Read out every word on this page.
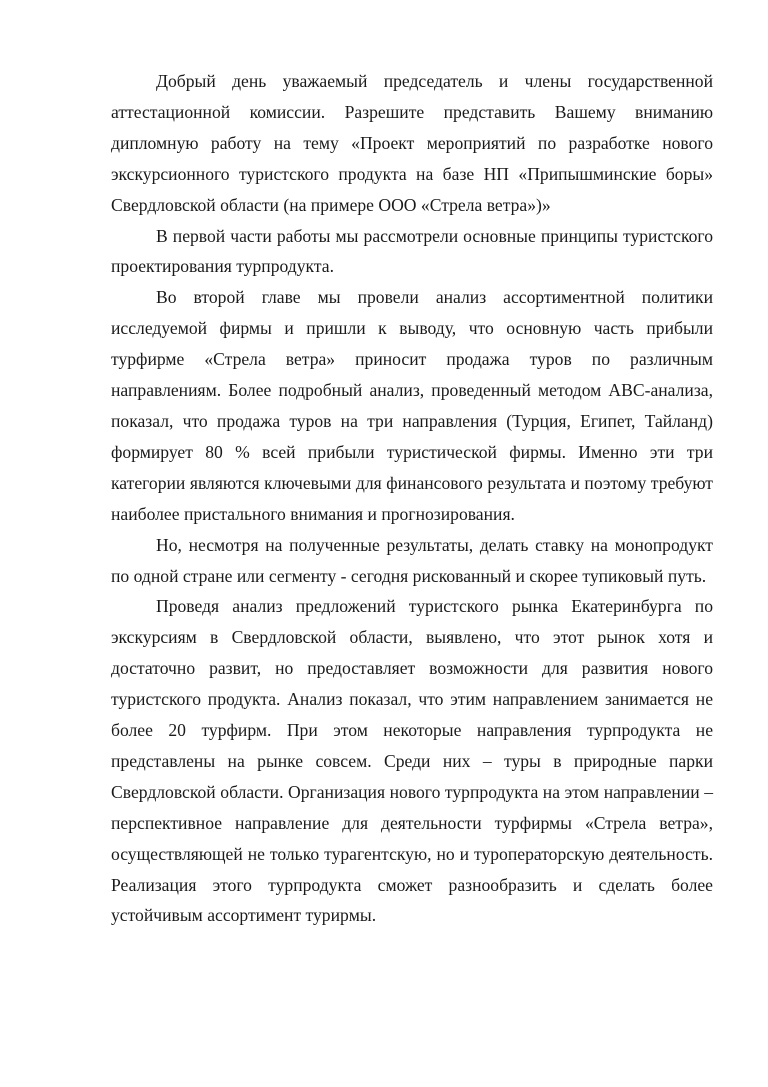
Добрый день уважаемый председатель и члены государственной аттестационной комиссии. Разрешите представить Вашему вниманию дипломную работу на тему «Проект мероприятий по разработке нового экскурсионного туристского продукта на базе НП «Припышминские боры» Свердловской области (на примере ООО «Стрела ветра»)»

В первой части работы мы рассмотрели основные принципы туристского проектирования турпродукта.

Во второй главе мы провели анализ ассортиментной политики исследуемой фирмы и пришли к выводу, что основную часть прибыли турфирме «Стрела ветра» приносит продажа туров по различным направлениям. Более подробный анализ, проведенный методом АВС-анализа, показал, что продажа туров на три направления (Турция, Египет, Тайланд) формирует 80 % всей прибыли туристической фирмы. Именно эти три категории являются ключевыми для финансового результата и поэтому требуют наиболее пристального внимания и прогнозирования.

Но, несмотря на полученные результаты, делать ставку на монопродукт по одной стране или сегменту - сегодня рискованный и скорее тупиковый путь.

Проведя анализ предложений туристского рынка Екатеринбурга по экскурсиям в Свердловской области, выявлено, что этот рынок хотя и достаточно развит, но предоставляет возможности для развития нового туристского продукта. Анализ показал, что этим направлением занимается не более 20 турфирм. При этом некоторые направления турпродукта не представлены на рынке совсем. Среди них – туры в природные парки Свердловской области. Организация нового турпродукта на этом направлении – перспективное направление для деятельности турфирмы «Стрела ветра», осуществляющей не только турагентскую, но и туроператорскую деятельность. Реализация этого турпродукта сможет разнообразить и сделать более устойчивым ассортимент туриpмы.
